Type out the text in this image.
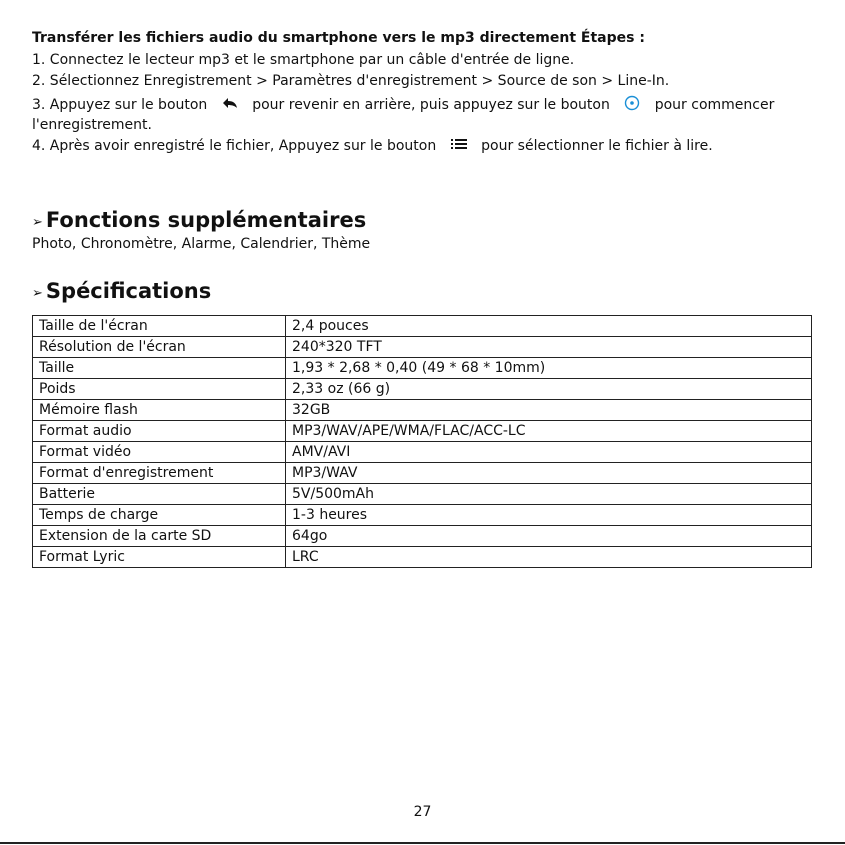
Transférer les fichiers audio du smartphone vers le mp3 directement Étapes :
1. Connectez le lecteur mp3 et le smartphone par un câble d'entrée de ligne.
2. Sélectionnez Enregistrement > Paramètres d'enregistrement > Source de son > Line-In.
3. Appuyez sur le bouton	pour revenir en arrière, puis appuyez sur le bouton	pour commencer
l'enregistrement.
4. Après avoir enregistré le fichier, Appuyez sur le bouton	pour sélectionner le fichier à lire.
➢ Fonctions supplémentaires
Photo, Chronomètre, Alarme, Calendrier, Thème
➢ Spécifications
Taille de l'écran	2,4 pouces
Résolution de l'écran	240*320 TFT
Taille	1,93 * 2,68 * 0,40 (49 * 68 * 10mm)
Poids	2,33 oz (66 g)
Mémoire flash	32GB
Format audio	MP3/WAV/APE/WMA/FLAC/ACC-LC
Format vidéo	AMV/AVI
Format d'enregistrement	MP3/WAV
Batterie	5V/500mAh
Temps de charge	1-3 heures
Extension de la carte SD	64go
Format Lyric	LRC
27
